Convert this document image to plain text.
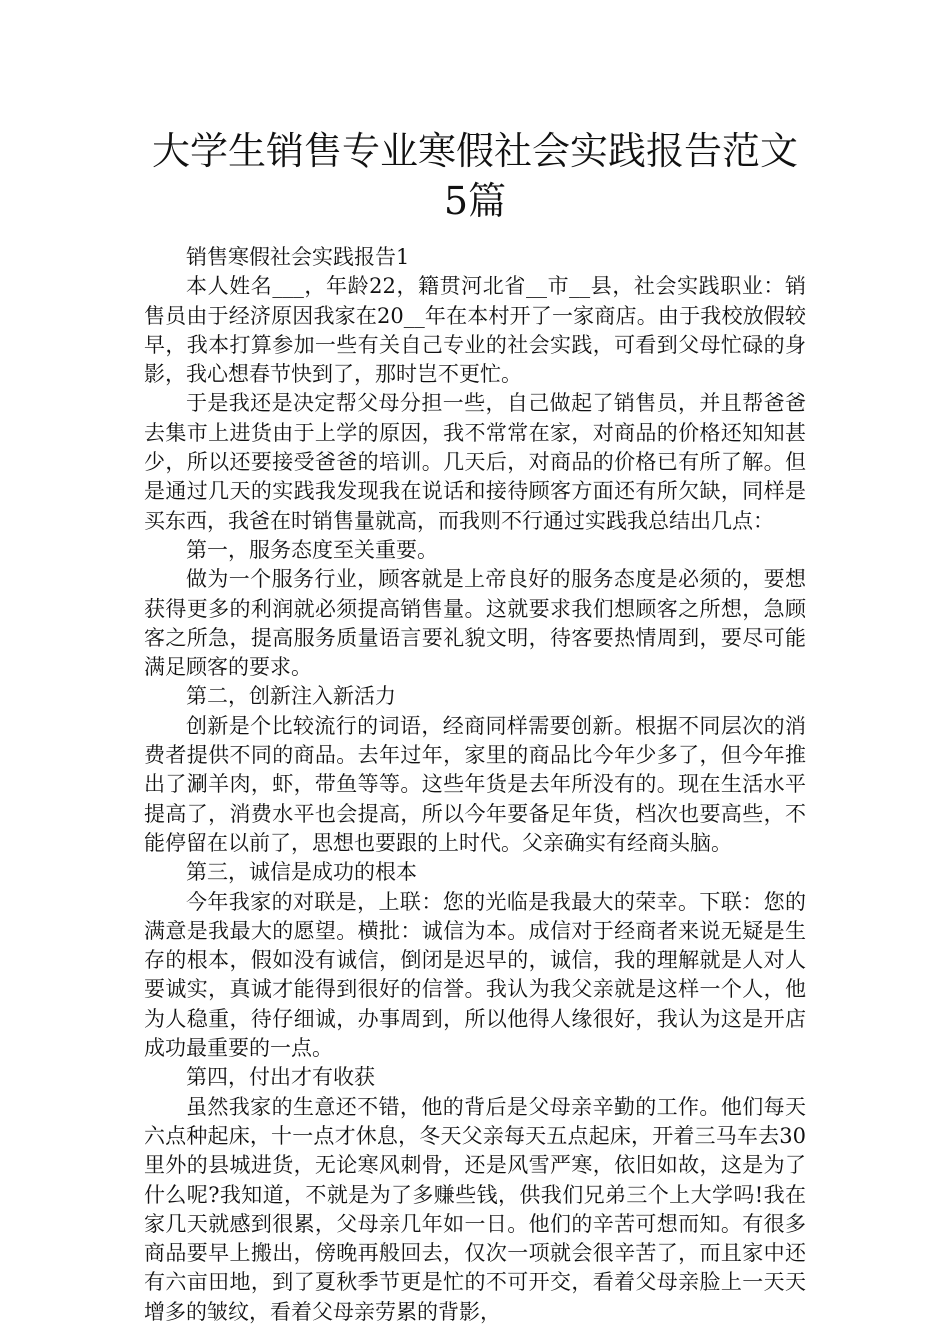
大学生销售专业寒假社会实践报告范文5篇

销售寒假社会实践报告1

本人姓名___，年龄22，籍贯河北省__市__县，社会实践职业：销售员由于经济原因我家在20__年在本村开了一家商店。由于我校放假较早，我本打算参加一些有关自己专业的社会实践，可看到父母忙碌的身影，我心想春节快到了，那时岂不更忙。

于是我还是决定帮父母分担一些，自己做起了销售员，并且帮爸爸去集市上进货由于上学的原因，我不常常在家，对商品的价格还知知甚少，所以还要接受爸爸的培训。几天后，对商品的价格已有所了解。但是通过几天的实践我发现我在说话和接待顾客方面还有所欠缺，同样是买东西，我爸在时销售量就高，而我则不行通过实践我总结出几点：

第一，服务态度至关重要。

做为一个服务行业，顾客就是上帝良好的服务态度是必须的，要想获得更多的利润就必须提高销售量。这就要求我们想顾客之所想，急顾客之所急，提高服务质量语言要礼貌文明，待客要热情周到，要尽可能满足顾客的要求。

第二，创新注入新活力

创新是个比较流行的词语，经商同样需要创新。根据不同层次的消费者提供不同的商品。去年过年，家里的商品比今年少多了，但今年推出了涮羊肉，虾，带鱼等等。这些年货是去年所没有的。现在生活水平提高了，消费水平也会提高，所以今年要备足年货，档次也要高些，不能停留在以前了，思想也要跟的上时代。父亲确实有经商头脑。

第三，诚信是成功的根本

今年我家的对联是，上联：您的光临是我最大的荣幸。下联：您的满意是我最大的愿望。横批：诚信为本。成信对于经商者来说无疑是生存的根本，假如没有诚信，倒闭是迟早的，诚信，我的理解就是人对人要诚实，真诚才能得到很好的信誉。我认为我父亲就是这样一个人，他为人稳重，待仔细诚，办事周到，所以他得人缘很好，我认为这是开店成功最重要的一点。

第四，付出才有收获

虽然我家的生意还不错，他的背后是父母亲辛勤的工作。他们每天六点种起床，十一点才休息，冬天父亲每天五点起床，开着三马车去30里外的县城进货，无论寒风刺骨，还是风雪严寒，依旧如故，这是为了什么呢?我知道，不就是为了多赚些钱，供我们兄弟三个上大学吗!我在家几天就感到很累，父母亲几年如一日。他们的辛苦可想而知。有很多商品要早上搬出，傍晚再般回去，仅次一项就会很辛苦了，而且家中还有六亩田地，到了夏秋季节更是忙的不可开交，看着父母亲脸上一天天增多的皱纹，看着父母亲劳累的背影，
